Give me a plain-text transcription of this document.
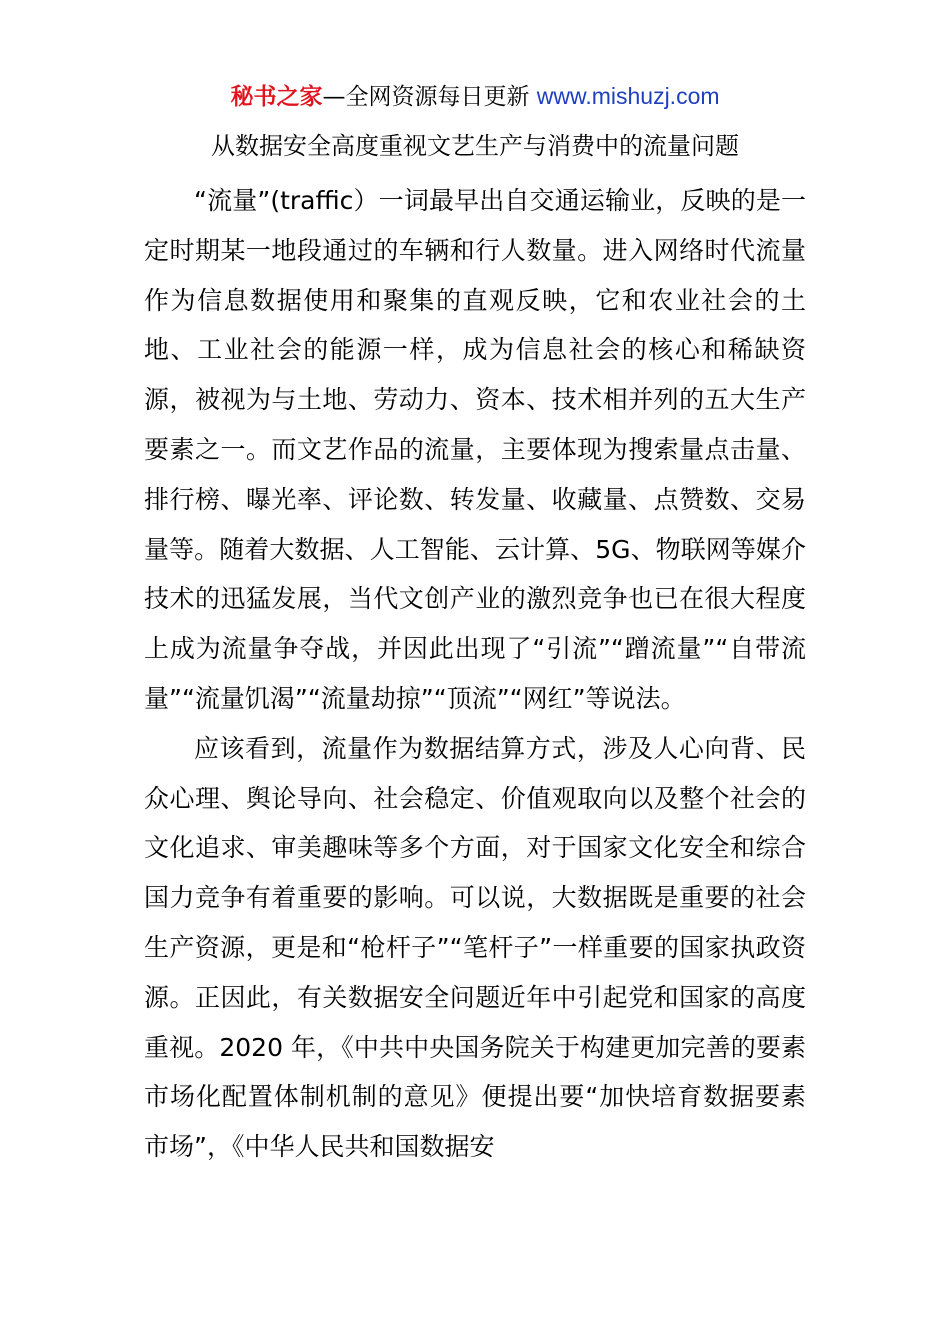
秘书之家—全网资源每日更新 www.mishuzj.com
从数据安全高度重视文艺生产与消费中的流量问题

“流量”(traffic）一词最早出自交通运输业，反映的是一定时期某一地段通过的车辆和行人数量。进入网络时代流量作为信息数据使用和聚集的直观反映，它和农业社会的土地、工业社会的能源一样，成为信息社会的核心和稀缺资源，被视为与土地、劳动力、资本、技术相并列的五大生产要素之一。而文艺作品的流量，主要体现为搜索量点击量、排行榜、曝光率、评论数、转发量、收藏量、点赞数、交易量等。随着大数据、人工智能、云计算、5G、物联网等媒介技术的迅猛发展，当代文创产业的激烈竞争也已在很大程度上成为流量争夺战，并因此出现了“引流”“蹭流量”“自带流量”“流量饥渴”“流量劫掠”“顶流”“网红”等说法。

应该看到，流量作为数据结算方式，涉及人心向背、民众心理、舆论导向、社会稳定、价值观取向以及整个社会的文化追求、审美趣味等多个方面，对于国家文化安全和综合国力竞争有着重要的影响。可以说，大数据既是重要的社会生产资源，更是和“枪杆子”“笔杆子”一样重要的国家执政资源。正因此，有关数据安全问题近年中引起党和国家的高度重视。2020 年，《中共中央国务院关于构建更加完善的要素市场化配置体制机制的意见》便提出要“加快培育数据要素市场”，《中华人民共和国数据安
